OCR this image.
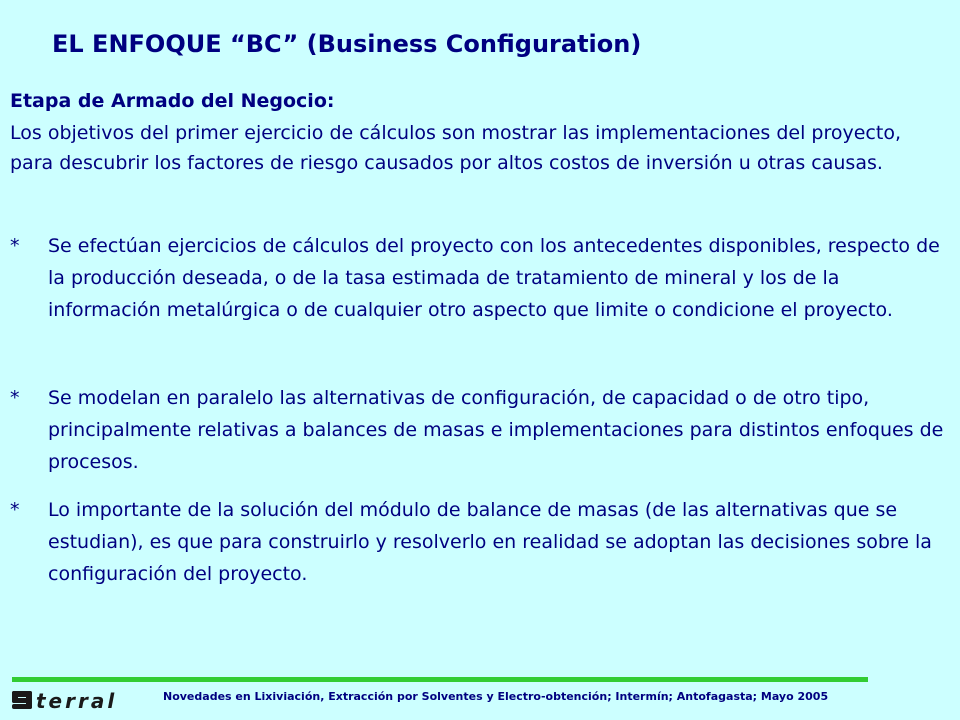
EL ENFOQUE “BC” (Business Configuration)
Etapa de Armado del Negocio:
Los objetivos del primer ejercicio de cálculos son mostrar las implementaciones del proyecto, para descubrir los factores de riesgo causados por altos costos de inversión u otras causas.
* Se efectúan ejercicios de cálculos del proyecto con los antecedentes disponibles, respecto de la producción deseada, o de la tasa estimada de tratamiento de mineral y los de la información metalúrgica o de cualquier otro aspecto que limite o condicione el proyecto.
* Se modelan en paralelo las alternativas de configuración, de capacidad o de otro tipo, principalmente relativas a balances de masas e implementaciones para distintos enfoques de procesos.
* Lo importante de la solución del módulo de balance de masas (de las alternativas que se estudian), es que para construirlo y resolverlo en realidad se adoptan las decisiones sobre la configuración del proyecto.
terral	Novedades en Lixiviación, Extracción por Solventes y Electro-obtención; Intermín; Antofagasta; Mayo 2005
